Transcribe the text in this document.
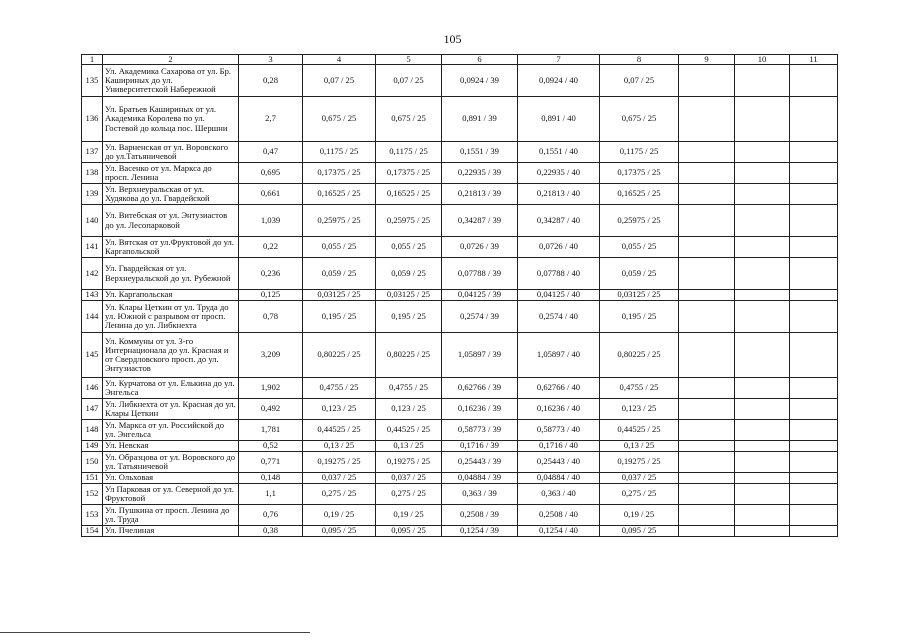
105
1	2	3	4	5	6	7	8	9	10	11
135	Ул. Академика Сахарова от ул. Бр. Кашириных до ул. Университетской Набережной	0,28	0,07 / 25	0,07 / 25	0,0924 / 39	0,0924 / 40	0,07 / 25			
136	Ул. Братьев Кашириных от ул. Академика Королева по ул. Гостевой до кольца пос. Шершни	2,7	0,675 / 25	0,675 / 25	0,891 / 39	0,891 / 40	0,675 / 25			
137	Ул. Варненская от ул. Воровского до ул.Татьяничевой	0,47	0,1175 / 25	0,1175 / 25	0,1551 / 39	0,1551 / 40	0,1175 / 25			
138	Ул. Васенко от ул. Маркса до просп. Ленина	0,695	0,17375 / 25	0,17375 / 25	0,22935 / 39	0,22935 / 40	0,17375 / 25			
139	Ул. Верхнеуральская от ул. Худякова до ул. Гвардейской	0,661	0,16525 / 25	0,16525 / 25	0,21813 / 39	0,21813 / 40	0,16525 / 25			
140	Ул. Витебская от ул. Энтузиастов до ул. Лесопарковой	1,039	0,25975 / 25	0,25975 / 25	0,34287 / 39	0,34287 / 40	0,25975 / 25			
141	Ул. Вятская от ул.Фруктовой до ул. Каргапольской	0,22	0,055 / 25	0,055 / 25	0,0726 / 39	0,0726 / 40	0,055 / 25			
142	Ул. Гвардейская от ул. Верхнеуральской до ул. Рубежной	0,236	0,059 / 25	0,059 / 25	0,07788 / 39	0,07788 / 40	0,059 / 25			
143	Ул. Каргапольская	0,125	0,03125 / 25	0,03125 / 25	0,04125 / 39	0,04125 / 40	0,03125 / 25			
144	Ул. Клары Цеткин от ул. Труда до ул. Южной с разрывом от просп. Ленина до ул. Либкнехта	0,78	0,195 / 25	0,195 / 25	0,2574 / 39	0,2574 / 40	0,195 / 25			
145	Ул. Коммуны от ул. 3-го Интернационала до ул. Красная и от Свердловского просп. до ул. Энтузиастов	3,209	0,80225 / 25	0,80225 / 25	1,05897 / 39	1,05897 / 40	0,80225 / 25			
146	Ул. Курчатова от ул. Елькина до ул. Энгельса	1,902	0,4755 / 25	0,4755 / 25	0,62766 / 39	0,62766 / 40	0,4755 / 25			
147	Ул. Либкнехта от ул. Красная до ул. Клары Цеткин	0,492	0,123 / 25	0,123 / 25	0,16236 / 39	0,16236 / 40	0,123 / 25			
148	Ул. Маркса от ул. Российской до ул. Энгельса	1,781	0,44525 / 25	0,44525 / 25	0,58773 / 39	0,58773 / 40	0,44525 / 25			
149	Ул. Невская	0,52	0,13 / 25	0,13 / 25	0,1716 / 39	0,1716 / 40	0,13 / 25			
150	Ул. Образцова от ул. Воровского до ул. Татьяничевой	0,771	0,19275 / 25	0,19275 / 25	0,25443 / 39	0,25443 / 40	0,19275 / 25			
151	Ул. Ольховая	0,148	0,037 / 25	0,037 / 25	0,04884 / 39	0,04884 / 40	0,037 / 25			
152	Ул Парковая от ул. Северной до ул. Фруктовой	1,1	0,275 / 25	0,275 / 25	0,363 / 39	0,363 / 40	0,275 / 25			
153	Ул. Пушкина от просп. Ленина до ул. Труда	0,76	0,19 / 25	0,19 / 25	0,2508 / 39	0,2508 / 40	0,19 / 25			
154	Ул. Пчелиная	0,38	0,095 / 25	0,095 / 25	0,1254 / 39	0,1254 / 40	0,095 / 25			
